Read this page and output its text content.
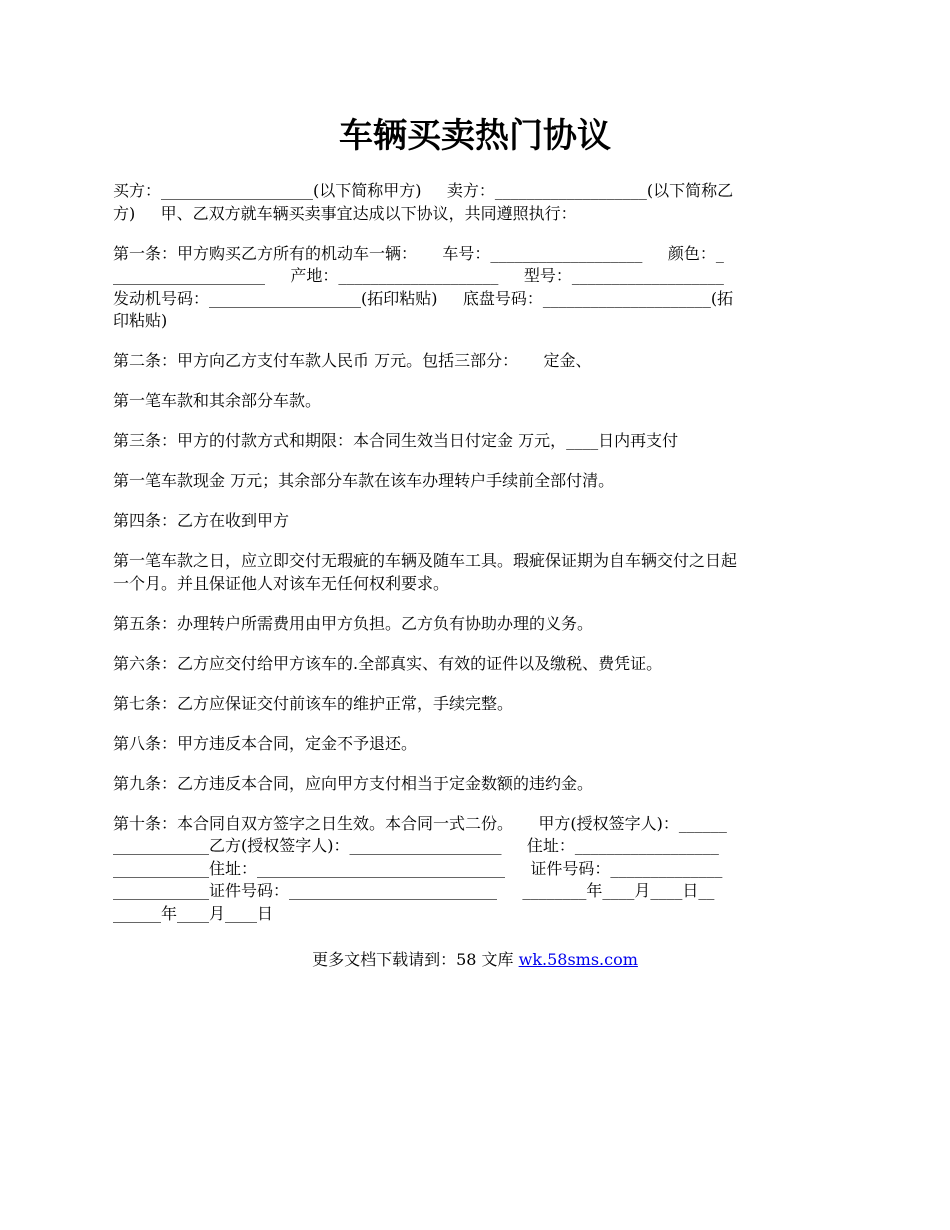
车辆买卖热门协议
买方：___________________(以下简称甲方)     卖方：___________________(以下简称乙
方)     甲、乙双方就车辆买卖事宜达成以下协议，共同遵照执行：
第一条：甲方购买乙方所有的机动车一辆：     车号：___________________     颜色：_
___________________     产地：____________________     型号：___________________
发动机号码：___________________(拓印粘贴)     底盘号码：_____________________(拓
印粘贴)
第二条：甲方向乙方支付车款人民币 万元。包括三部分：     定金、
第一笔车款和其余部分车款。
第三条：甲方的付款方式和期限：本合同生效当日付定金 万元，____日内再支付
第一笔车款现金 万元；其余部分车款在该车办理转户手续前全部付清。
第四条：乙方在收到甲方
第一笔车款之日，应立即交付无瑕疵的车辆及随车工具。瑕疵保证期为自车辆交付之日起
一个月。并且保证他人对该车无任何权利要求。
第五条：办理转户所需费用由甲方负担。乙方负有协助办理的义务。
第六条：乙方应交付给甲方该车的.全部真实、有效的证件以及缴税、费凭证。
第七条：乙方应保证交付前该车的维护正常，手续完整。
第八条：甲方违反本合同，定金不予退还。
第九条：乙方违反本合同，应向甲方支付相当于定金数额的违约金。
第十条：本合同自双方签字之日生效。本合同一式二份。     甲方(授权签字人)：______
____________乙方(授权签字人)：___________________     住址：__________________
____________住址：_______________________________     证件号码：______________
____________证件号码：__________________________     ________年____月____日__
______年____月____日
更多文档下载请到：58 文库 wk.58sms.com
